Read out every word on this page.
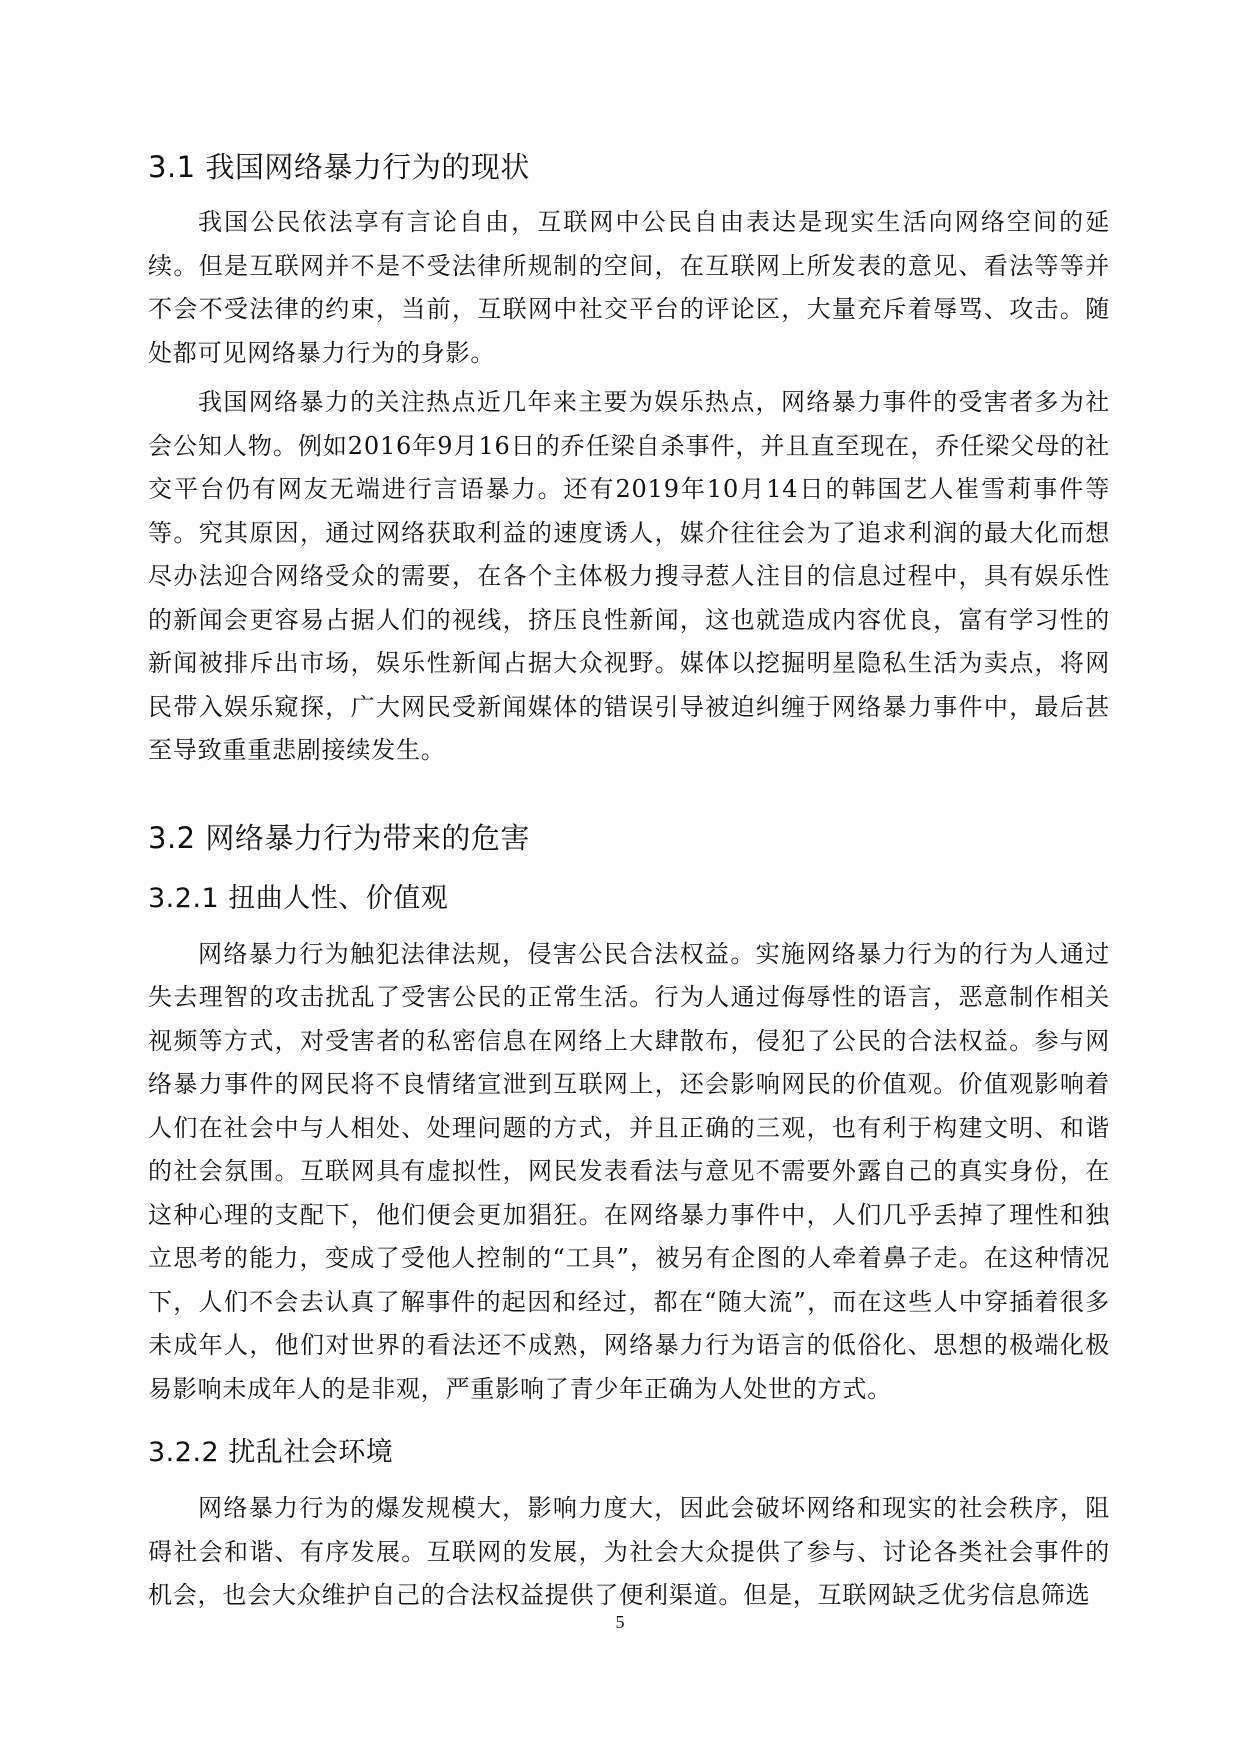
3.1 我国网络暴力行为的现状

我国公民依法享有言论自由，互联网中公民自由表达是现实生活向网络空间的延续。但是互联网并不是不受法律所规制的空间，在互联网上所发表的意见、看法等等并不会不受法律的约束，当前，互联网中社交平台的评论区，大量充斥着辱骂、攻击。随处都可见网络暴力行为的身影。

我国网络暴力的关注热点近几年来主要为娱乐热点，网络暴力事件的受害者多为社会公知人物。例如2016年9月16日的乔任梁自杀事件，并且直至现在，乔任梁父母的社交平台仍有网友无端进行言语暴力。还有2019年10月14日的韩国艺人崔雪莉事件等等。究其原因，通过网络获取利益的速度诱人，媒介往往会为了追求利润的最大化而想尽办法迎合网络受众的需要，在各个主体极力搜寻惹人注目的信息过程中，具有娱乐性的新闻会更容易占据人们的视线，挤压良性新闻，这也就造成内容优良，富有学习性的新闻被排斥出市场，娱乐性新闻占据大众视野。媒体以挖掘明星隐私生活为卖点，将网民带入娱乐窥探，广大网民受新闻媒体的错误引导被迫纠缠于网络暴力事件中，最后甚至导致重重悲剧接续发生。

3.2 网络暴力行为带来的危害
3.2.1 扭曲人性、价值观

网络暴力行为触犯法律法规，侵害公民合法权益。实施网络暴力行为的行为人通过失去理智的攻击扰乱了受害公民的正常生活。行为人通过侮辱性的语言，恶意制作相关视频等方式，对受害者的私密信息在网络上大肆散布，侵犯了公民的合法权益。参与网络暴力事件的网民将不良情绪宣泄到互联网上，还会影响网民的价值观。价值观影响着人们在社会中与人相处、处理问题的方式，并且正确的三观，也有利于构建文明、和谐的社会氛围。互联网具有虚拟性，网民发表看法与意见不需要外露自己的真实身份，在这种心理的支配下，他们便会更加猖狂。在网络暴力事件中，人们几乎丢掉了理性和独立思考的能力，变成了受他人控制的“工具”，被另有企图的人牵着鼻子走。在这种情况下，人们不会去认真了解事件的起因和经过，都在“随大流”，而在这些人中穿插着很多未成年人，他们对世界的看法还不成熟，网络暴力行为语言的低俗化、思想的极端化极易影响未成年人的是非观，严重影响了青少年正确为人处世的方式。

3.2.2 扰乱社会环境

网络暴力行为的爆发规模大，影响力度大，因此会破坏网络和现实的社会秩序，阻碍社会和谐、有序发展。互联网的发展，为社会大众提供了参与、讨论各类社会事件的机会，也会大众维护自己的合法权益提供了便利渠道。但是，互联网缺乏优劣信息筛选

5
